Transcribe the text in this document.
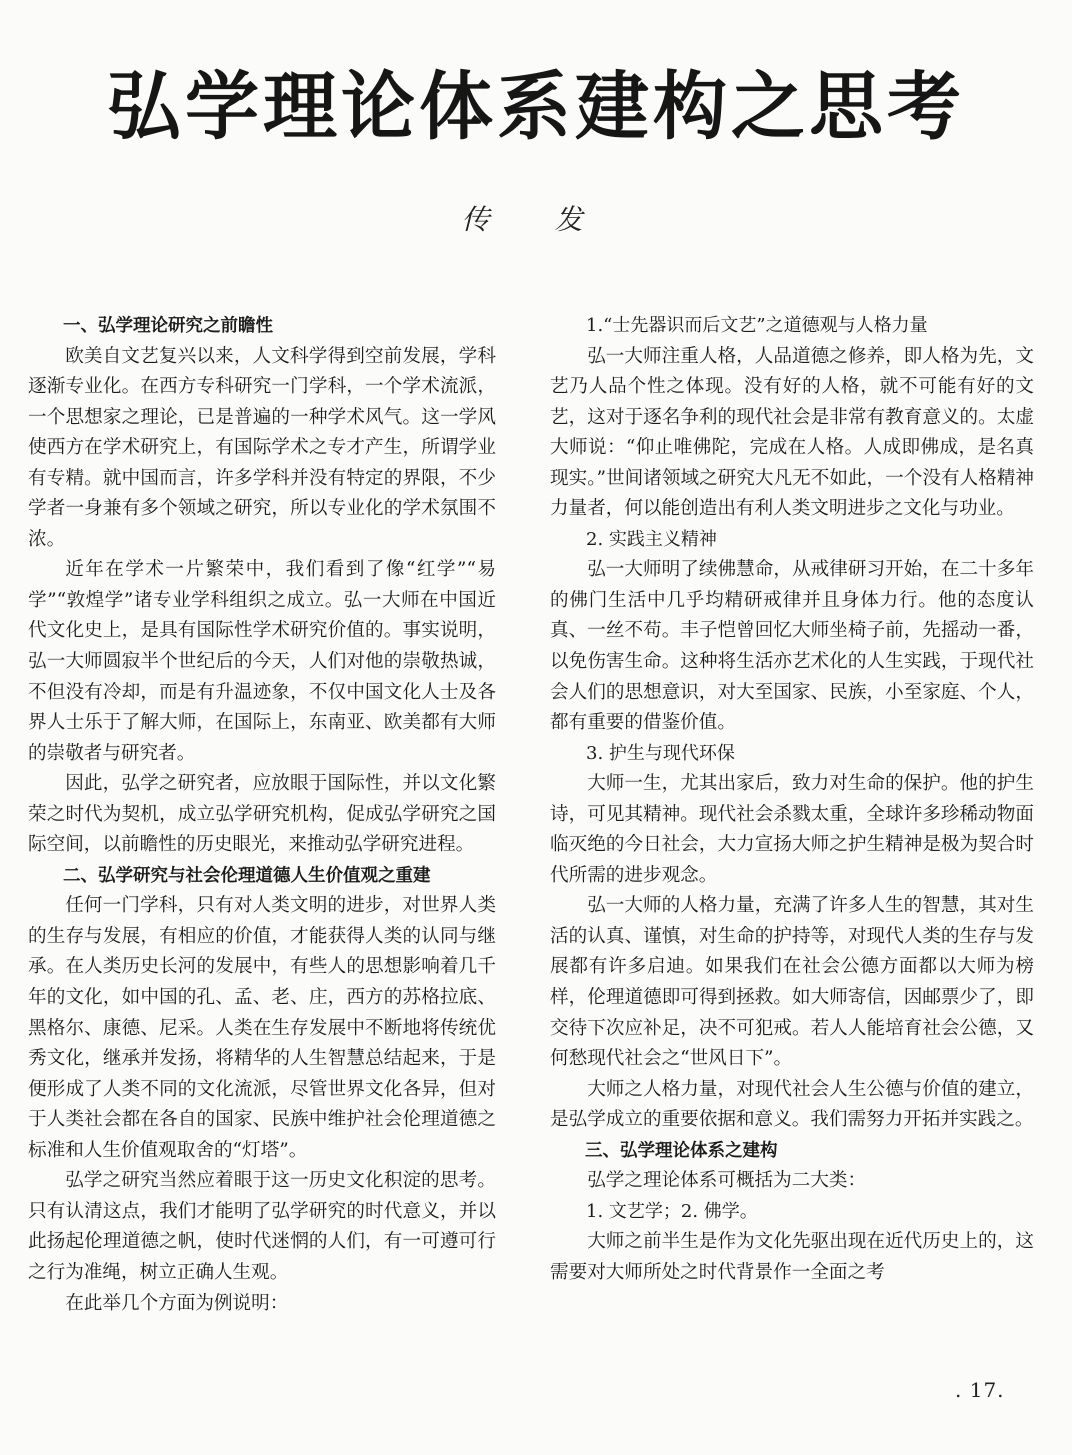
弘学理论体系建构之思考
传 发

一、弘学理论研究之前瞻性

欧美自文艺复兴以来，人文科学得到空前发展，学科逐渐专业化。在西方专科研究一门学科，一个学术流派，一个思想家之理论，已是普遍的一种学术风气。这一学风使西方在学术研究上，有国际学术之专才产生，所谓学业有专精。就中国而言，许多学科并没有特定的界限，不少学者一身兼有多个领域之研究，所以专业化的学术氛围不浓。

近年在学术一片繁荣中，我们看到了像“红学”“易学”“敦煌学”诸专业学科组织之成立。弘一大师在中国近代文化史上，是具有国际性学术研究价值的。事实说明，弘一大师圆寂半个世纪后的今天，人们对他的崇敬热诚，不但没有冷却，而是有升温迹象，不仅中国文化人士及各界人士乐于了解大师，在国际上，东南亚、欧美都有大师的崇敬者与研究者。

因此，弘学之研究者，应放眼于国际性，并以文化繁荣之时代为契机，成立弘学研究机构，促成弘学研究之国际空间，以前瞻性的历史眼光，来推动弘学研究进程。

二、弘学研究与社会伦理道德人生价值观之重建

任何一门学科，只有对人类文明的进步，对世界人类的生存与发展，有相应的价值，才能获得人类的认同与继承。在人类历史长河的发展中，有些人的思想影响着几千年的文化，如中国的孔、孟、老、庄，西方的苏格拉底、黑格尔、康德、尼采。人类在生存发展中不断地将传统优秀文化，继承并发扬，将精华的人生智慧总结起来，于是便形成了人类不同的文化流派，尽管世界文化各异，但对于人类社会都在各自的国家、民族中维护社会伦理道德之标准和人生价值观取舍的“灯塔”。

弘学之研究当然应着眼于这一历史文化积淀的思考。只有认清这点，我们才能明了弘学研究的时代意义，并以此扬起伦理道德之帆，使时代迷惘的人们，有一可遵可行之行为准绳，树立正确人生观。

在此举几个方面为例说明：

1.“士先器识而后文艺”之道德观与人格力量

弘一大师注重人格，人品道德之修养，即人格为先，文艺乃人品个性之体现。没有好的人格，就不可能有好的文艺，这对于逐名争利的现代社会是非常有教育意义的。太虚大师说：“仰止唯佛陀，完成在人格。人成即佛成，是名真现实。”世间诸领域之研究大凡无不如此，一个没有人格精神力量者，何以能创造出有利人类文明进步之文化与功业。

2. 实践主义精神

弘一大师明了续佛慧命，从戒律研习开始，在二十多年的佛门生活中几乎均精研戒律并且身体力行。他的态度认真、一丝不苟。丰子恺曾回忆大师坐椅子前，先摇动一番，以免伤害生命。这种将生活亦艺术化的人生实践，于现代社会人们的思想意识，对大至国家、民族，小至家庭、个人，都有重要的借鉴价值。

3. 护生与现代环保

大师一生，尤其出家后，致力对生命的保护。他的护生诗，可见其精神。现代社会杀戮太重，全球许多珍稀动物面临灭绝的今日社会，大力宣扬大师之护生精神是极为契合时代所需的进步观念。

弘一大师的人格力量，充满了许多人生的智慧，其对生活的认真、谨慎，对生命的护持等，对现代人类的生存与发展都有许多启迪。如果我们在社会公德方面都以大师为榜样，伦理道德即可得到拯救。如大师寄信，因邮票少了，即交待下次应补足，决不可犯戒。若人人能培育社会公德，又何愁现代社会之“世风日下”。

大师之人格力量，对现代社会人生公德与价值的建立，是弘学成立的重要依据和意义。我们需努力开拓并实践之。

三、弘学理论体系之建构

弘学之理论体系可概括为二大类：

1. 文艺学；2. 佛学。

大师之前半生是作为文化先驱出现在近代历史上的，这需要对大师所处之时代背景作一全面之考

. 17.
